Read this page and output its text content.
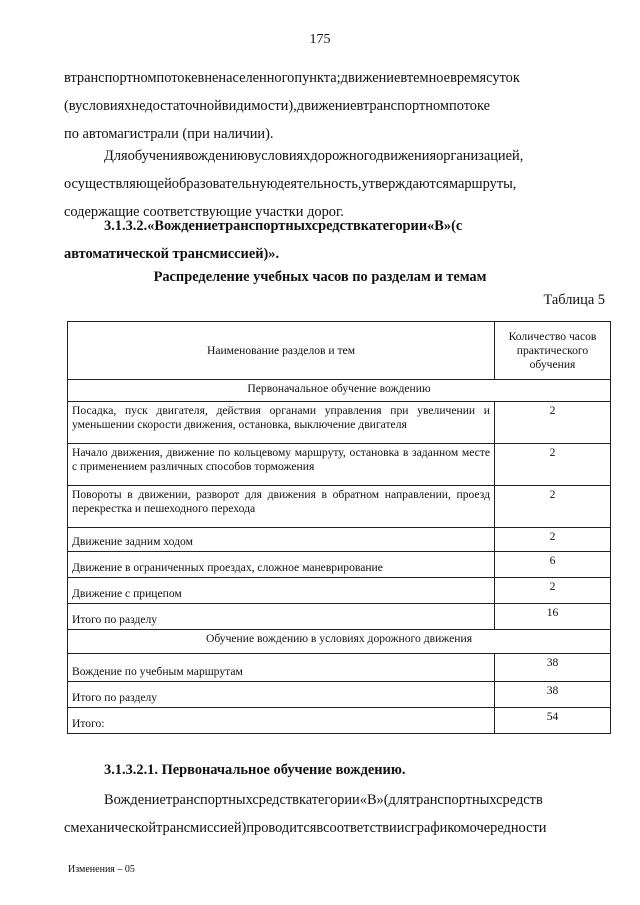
175
втранспортномпотокевненаселенногопункта;движениевтемноевремясуток
(вусловияхнедостаточнойвидимости),движениевтранспортномпотоке
по автомагистрали (при наличии).
Дляобучениявождениювусловияхдорожногодвиженияорганизацией,
осуществляющейобразовательнуюдеятельность,утверждаютсямаршруты,
содержащие соответствующие участки дорог.
3.1.3.2.«Вождениетранспортныхсредствкатегории«В»(с
автоматической трансмиссией)».
Распределение учебных часов по разделам и темам
Таблица 5
Наименование разделов и тем	Количество часов практического обучения
Первоначальное обучение вождению	
Посадка, пуск двигателя, действия органами управления при увеличении и уменьшении скорости движения, остановка, выключение двигателя	2
Начало движения, движение по кольцевому маршруту, остановка в заданном месте с применением различных способов торможения	2
Повороты в движении, разворот для движения в обратном направлении, проезд перекрестка и пешеходного перехода	2
Движение задним ходом	2
Движение в ограниченных проездах, сложное маневрирование	6
Движение с прицепом	2
Итого по разделу	16
Обучение вождению в условиях дорожного движения	
Вождение по учебным маршрутам	38
Итого по разделу	38
Итого:	54
3.1.3.2.1. Первоначальное обучение вождению.
Вождениетранспортныхсредствкатегории«В»(длятранспортныхсредств
смеханическойтрансмиссией)проводитсявсоответствиисграфикомочередности
Изменения – 05
